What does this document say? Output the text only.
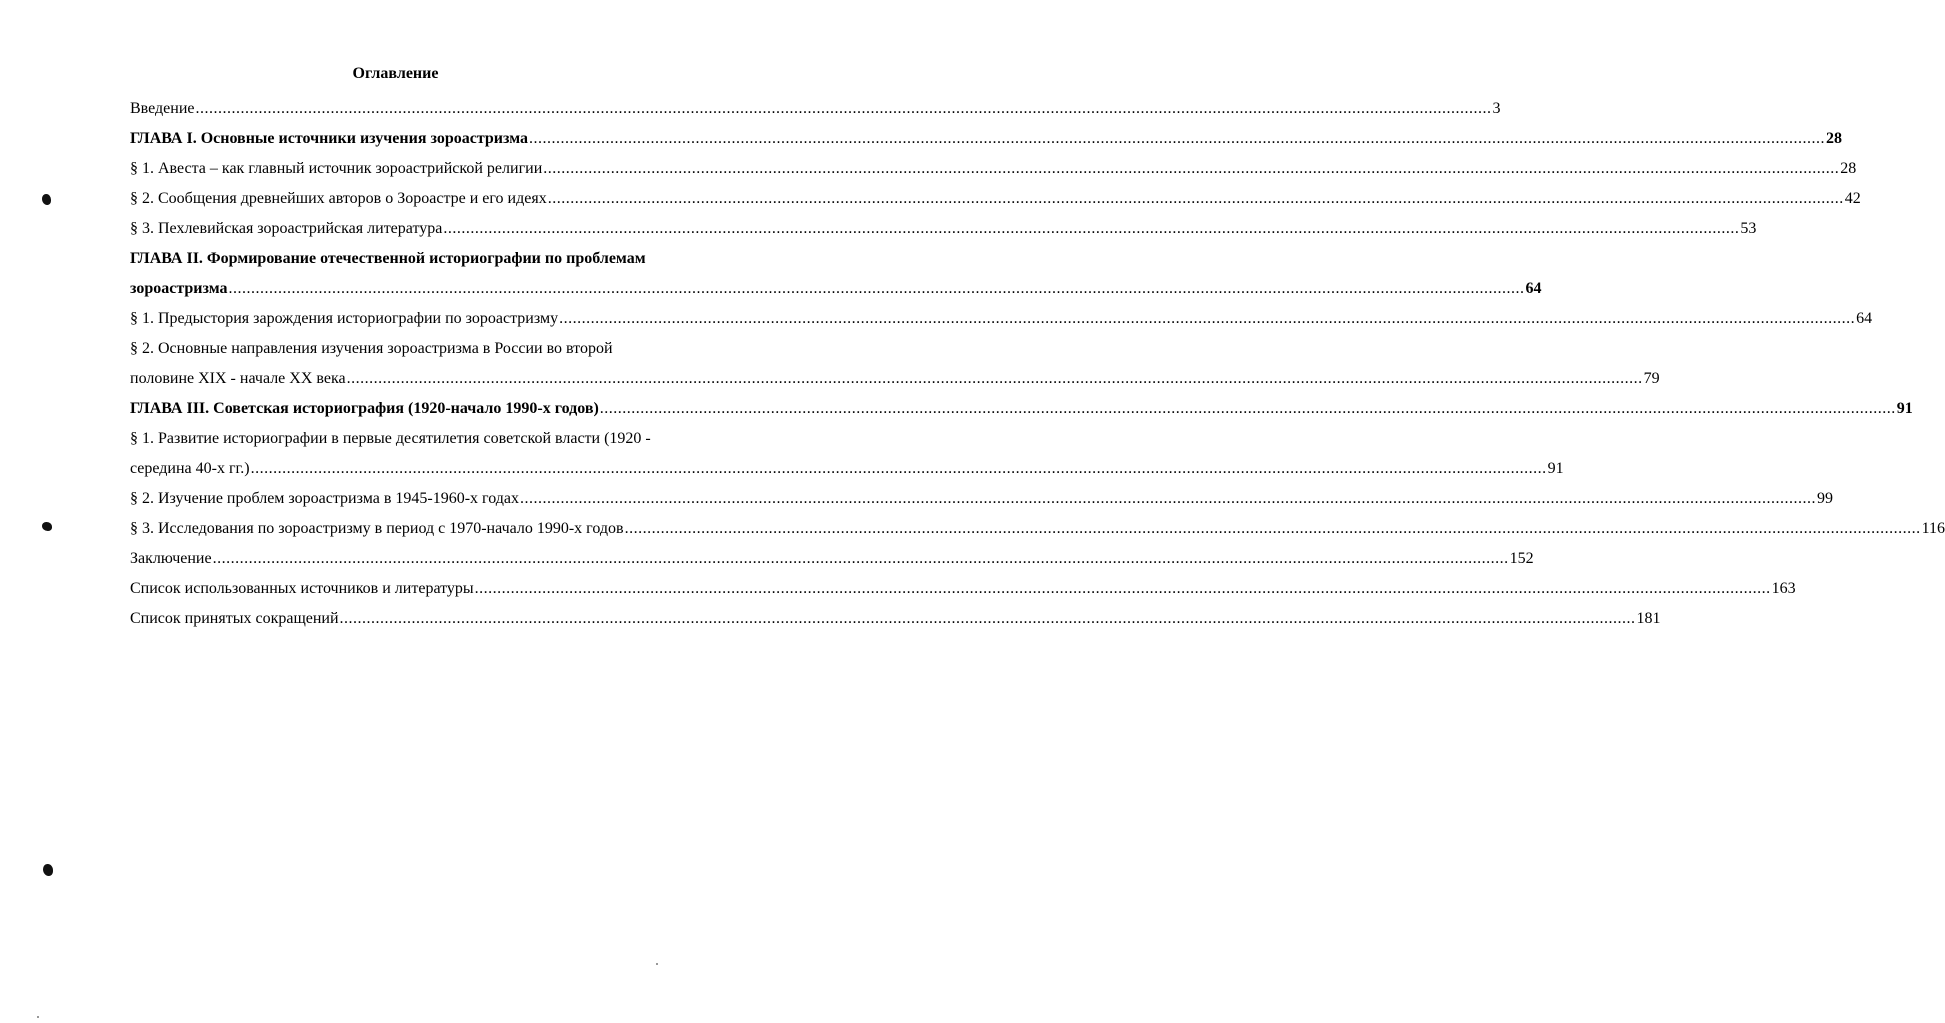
Оглавление
Введение ................................................................................................................................................................................................................................................................................................ 3
ГЛАВА I. Основные источники изучения зороастризма ................................................................................................................................................................................................................................................................................................ 28
§ 1. Авеста – как главный источник зороастрийской религии ................................................................................................................................................................................................................................................................................................ 28
§ 2. Сообщения древнейших авторов о Зороастре и его идеях ................................................................................................................................................................................................................................................................................................ 42
§ 3. Пехлевийская зороастрийская литература ................................................................................................................................................................................................................................................................................................ 53
ГЛАВА II. Формирование отечественной историографии по проблемам
зороастризма ................................................................................................................................................................................................................................................................................................ 64
§ 1. Предыстория зарождения историографии по зороастризму ................................................................................................................................................................................................................................................................................................ 64
§ 2. Основные направления изучения зороастризма в России во второй
половине XIX - начале XX века ................................................................................................................................................................................................................................................................................................ 79
ГЛАВА III. Советская историография (1920-начало 1990-х годов) ................................................................................................................................................................................................................................................................................................ 91
§ 1. Развитие историографии в первые десятилетия советской власти (1920 -
середина 40-х гг.) ................................................................................................................................................................................................................................................................................................ 91
§ 2. Изучение проблем зороастризма в 1945-1960-х годах ................................................................................................................................................................................................................................................................................................ 99
§ 3. Исследования по зороастризму в период с 1970-начало 1990-х годов ................................................................................................................................................................................................................................................................................................ 116
Заключение ................................................................................................................................................................................................................................................................................................ 152
Список использованных источников и литературы ................................................................................................................................................................................................................................................................................................ 163
Список принятых сокращений ................................................................................................................................................................................................................................................................................................ 181
